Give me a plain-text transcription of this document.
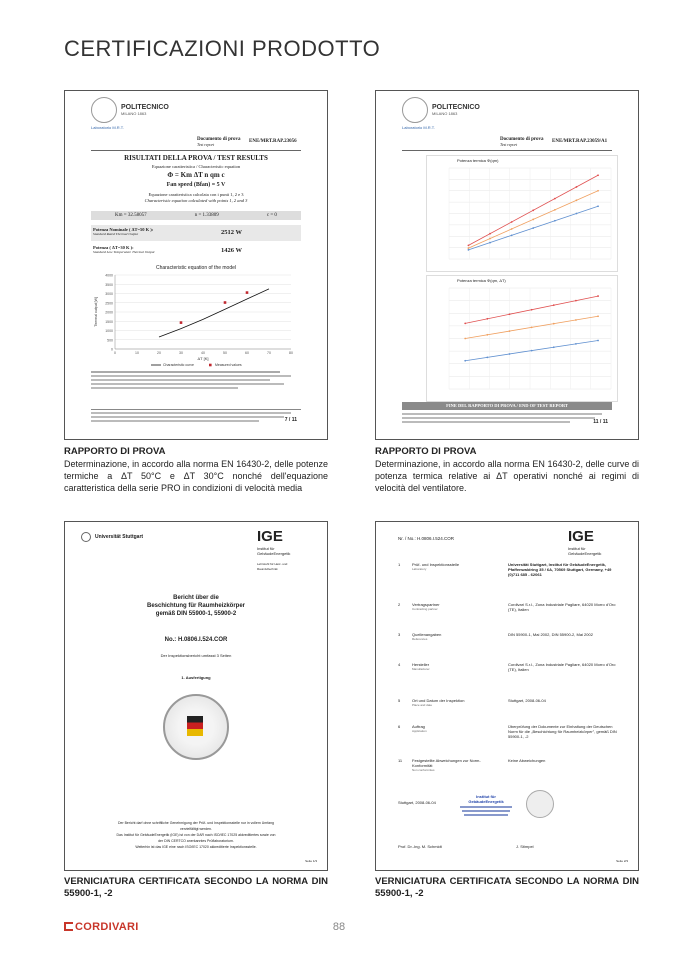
CERTIFICAZIONI PRODOTTO
POLITECNICO
MILANO 1863
Laboratorio M.R.T.
Documento di prova
Test report
ENE/MRT.RAP.23056
RISULTATI DELLA PROVA / TEST RESULTS
Equazione caratteristica / Characteristic equation
Φ = Km ΔT n qm c
Fan speed (Bfan) = 5 V
Equazione caratteristica calcolata con i punti 1, 2 e 3
Characteristic equation calculated with points 1, 2 and 3
Km = 32.58057	n = 1.33809	c = 0
Potenza Nominale ( ΔT=50 K ):
Standard Rated Thermal Output	2512 W
Potenza ( ΔT=30 K ):
Standard Low Temperature Thermal Output	1426 W
Characteristic equation of the model
0
500
1000
1500
2000
2500
3000
3500
4000
0	10	20	30	40	50	60	70	80
ΔT [K]
Thermal output [W]
Characteristic curve	Measured values
7 / 11
RAPPORTO DI PROVA
Determinazione, in accordo alla norma EN 16430-2, delle potenze termiche a ΔT 50°C e ΔT 30°C nonché dell'equazione caratteristica della serie PRO in condizioni di velocità media
POLITECNICO
MILANO 1863
Laboratorio M.R.T.
Documento di prova
Test report
ENE/MRT.RAP.23059/A1
Potenza termica Φ(qm)
Potenza termica Φ(qm, ΔT)
FINE DEL RAPPORTO DI PROVA / END OF TEST REPORT
11 / 11
RAPPORTO DI PROVA
Determinazione, in accordo alla norma EN 16430-2, delle curve di potenza termica relative ai ΔT operativi nonché ai regimi di velocità del ventilatore.
Universität Stuttgart	IGE
Institut für
GebäudeEnergetik
Lehrstuhl für Heiz- und Raumluftechnik
Bericht über die
Beschichtung für Raumheizkörper
gemäß DIN 55900-1, 55900-2
No.: H.0806.I.524.COR
Der Inspektionsbericht umfasst 3 Seiten
1. Ausfertigung
Der Bericht darf ohne schriftliche Genehmigung der Prüf- und Inspektionsstelle nur in vollem Umfang
vervielfältigt werden.
Das Institut für GebäudeEnergetik (IGE) ist von der DAR nach ISO/IEC 17025 akkreditiertes sowie von
der DIN CERTCO anerkanntes Prüflaboratorium.
Weiterhin ist das IGE eine nach ISO/IEC 17020 akkreditierte Inspektionsstelle.
Seite 1/3
VERNICIATURA CERTIFICATA SECONDO LA NORMA DIN 55900-1, -2
Nr. / No.: H.0806.I.524.COR	IGE
Institut für
GebäudeEnergetik
1	Prüf- und Inspektionsstelle
Laboratory
Universität Stuttgart, Institut für GebäudeEnergetik, Pfaffenwaldring 35 / 6A, 70569 Stuttgart, Germany, +49 (0)711 685 - 62061
2	Vertragspartner
Contracting partner
Cordivari S.r.l., Zona Industriale Pagliare, 64020 Morro d'Oro (TE), Italien
3	Quellenangaben
References
DIN 55900-1, Mai 2002, DIN 55900-2, Mai 2002
4	Hersteller
Manufacturer
Cordivari S.r.l., Zona Industriale Pagliare, 64020 Morro d'Oro (TE), Italien
5	Ort und Datum der Inspektion
Place and date
Stuttgart, 2008-06-04
6	Auftrag
Application
Überprüfung der Dokumente zur Einhaltung der Deutschen Norm für die „Beschichtung für Raumheizkörper", gemäß DIN 55900-1, -2
11	Festgestellte Abweichungen zur Norm-Konformität
Non conformities
Keine Abweichungen
Stuttgart, 2008-06-04
Institut für
GebäudeEnergetik
Prof. Dr.-Ing. M. Schmidt	J. Stimpel
Seite 2/3
VERNICIATURA CERTIFICATA SECONDO LA NORMA DIN 55900-1, -2
CORDIVARI	88
